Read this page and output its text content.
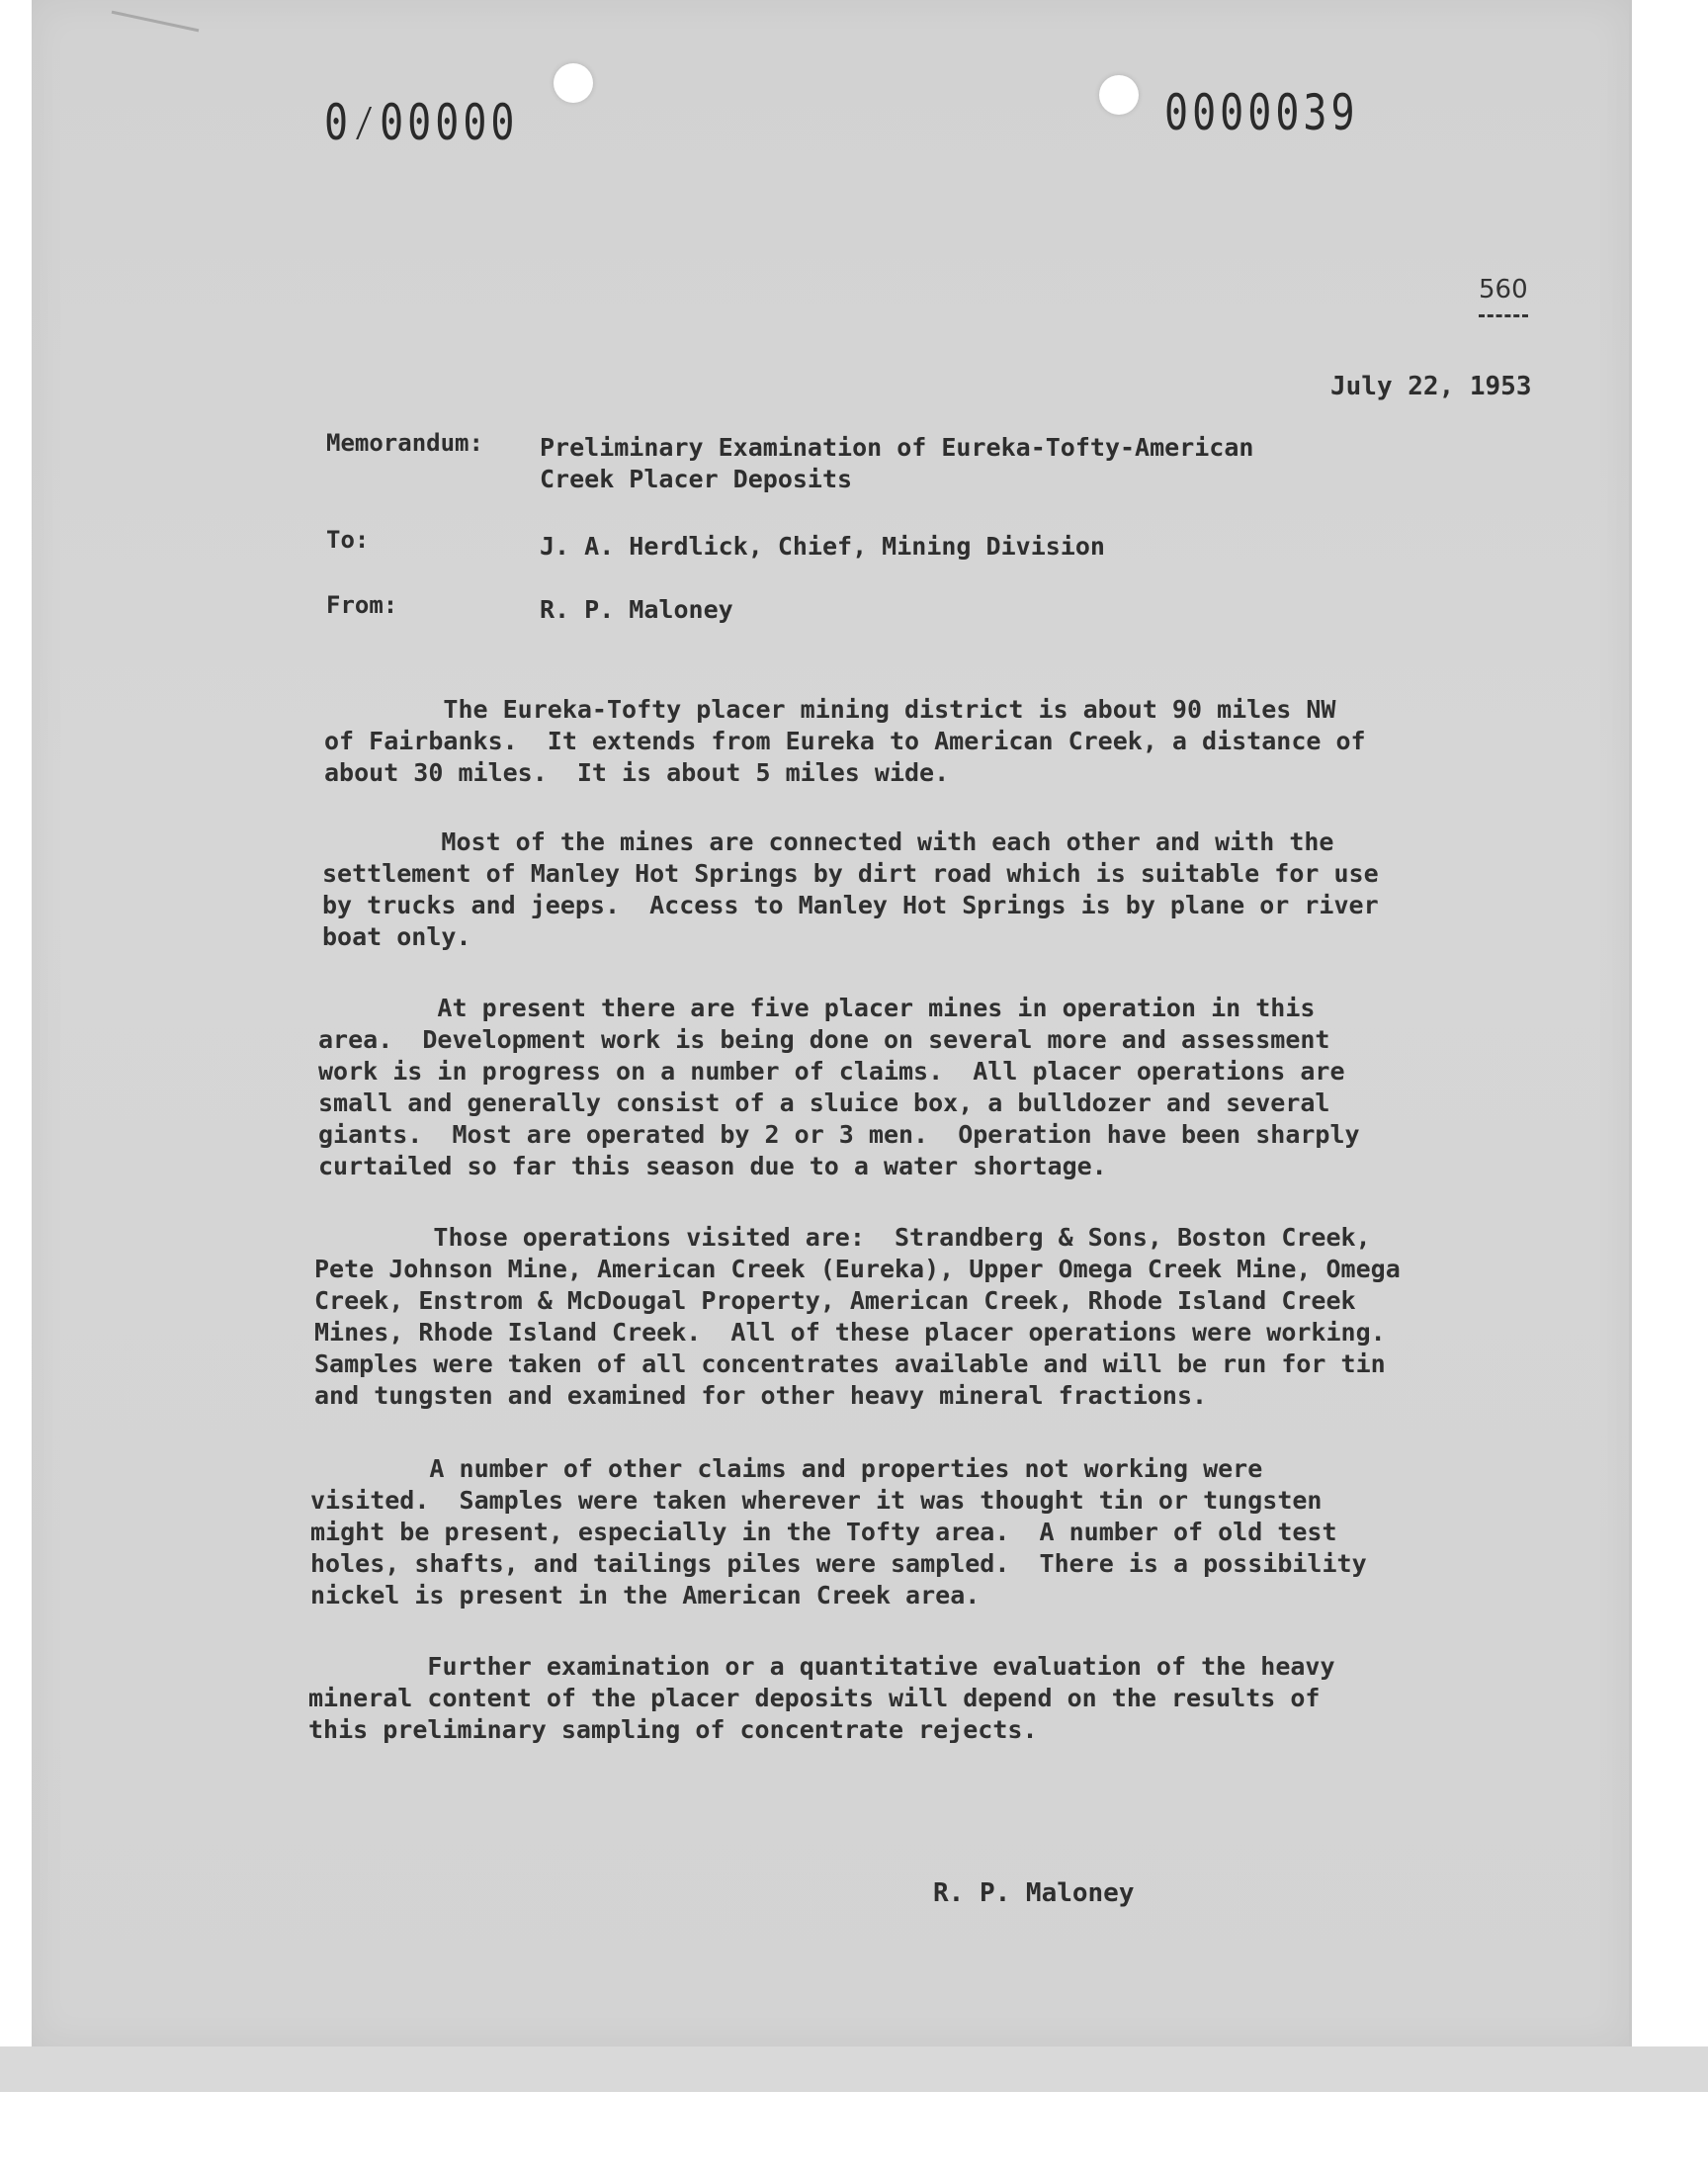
0⁄00000	0000039
560
July 22, 1953
Memorandum: Preliminary Examination of Eureka-Tofty-American
Creek Placer Deposits
To:	J. A. Herdlick, Chief, Mining Division
From:	R. P. Maloney
The Eureka-Tofty placer mining district is about 90 miles NW
of Fairbanks.  It extends from Eureka to American Creek, a distance of
about 30 miles.  It is about 5 miles wide.
Most of the mines are connected with each other and with the
settlement of Manley Hot Springs by dirt road which is suitable for use
by trucks and jeeps.  Access to Manley Hot Springs is by plane or river
boat only.
At present there are five placer mines in operation in this
area.  Development work is being done on several more and assessment
work is in progress on a number of claims.  All placer operations are
small and generally consist of a sluice box, a bulldozer and several
giants.  Most are operated by 2 or 3 men.  Operation have been sharply
curtailed so far this season due to a water shortage.
Those operations visited are:  Strandberg & Sons, Boston Creek,
Pete Johnson Mine, American Creek (Eureka), Upper Omega Creek Mine, Omega
Creek, Enstrom & McDougal Property, American Creek, Rhode Island Creek
Mines, Rhode Island Creek.  All of these placer operations were working.
Samples were taken of all concentrates available and will be run for tin
and tungsten and examined for other heavy mineral fractions.
A number of other claims and properties not working were
visited.  Samples were taken wherever it was thought tin or tungsten
might be present, especially in the Tofty area.  A number of old test
holes, shafts, and tailings piles were sampled.  There is a possibility
nickel is present in the American Creek area.
Further examination or a quantitative evaluation of the heavy
mineral content of the placer deposits will depend on the results of
this preliminary sampling of concentrate rejects.
R. P. Maloney
